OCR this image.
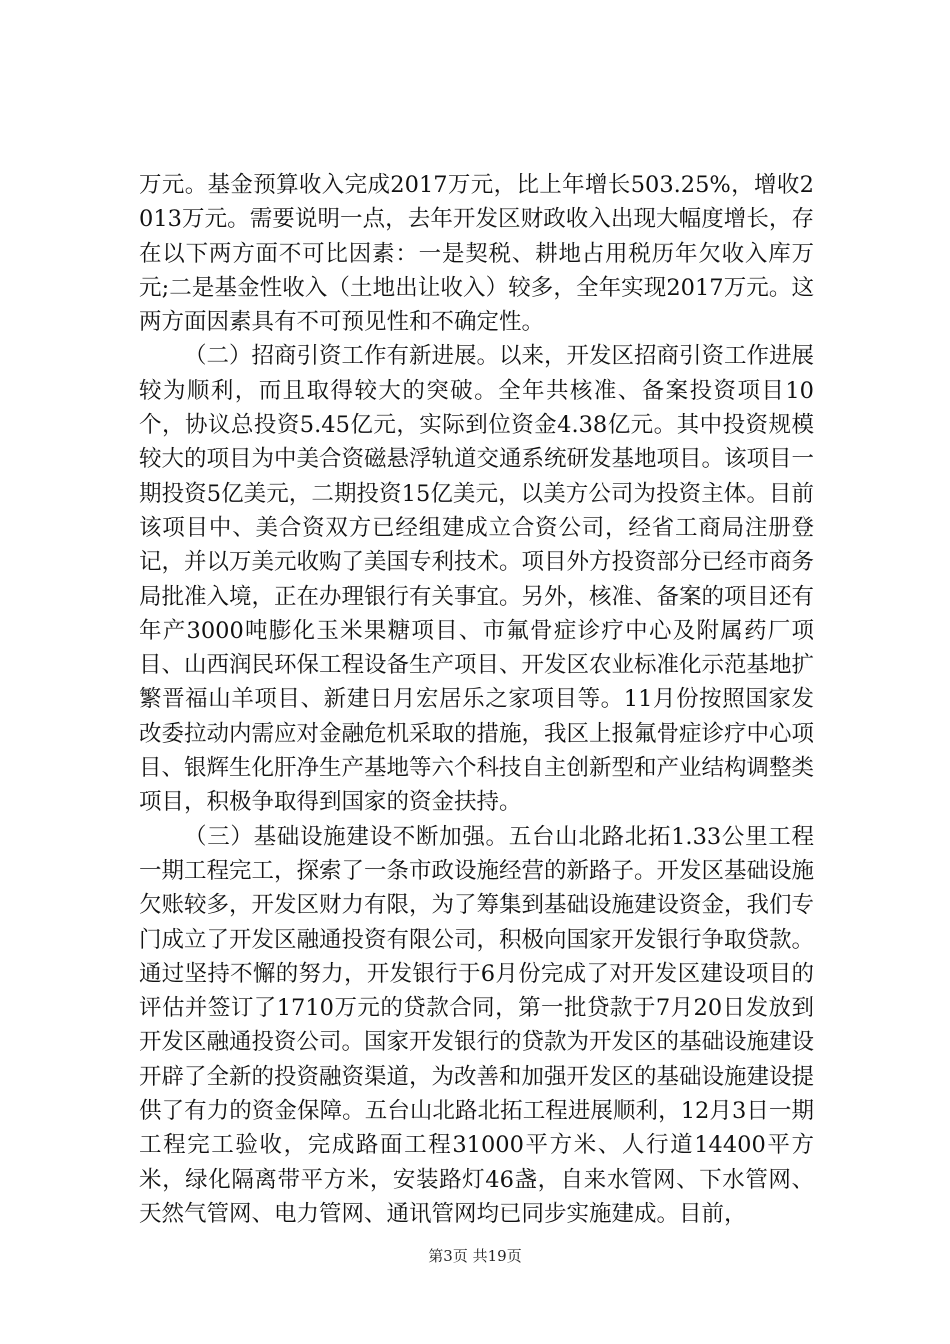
万元。基金预算收入完成2017万元，比上年增长503.25%，增收2013万元。需要说明一点，去年开发区财政收入出现大幅度增长，存在以下两方面不可比因素：一是契税、耕地占用税历年欠收入库万元;二是基金性收入（土地出让收入）较多，全年实现2017万元。这两方面因素具有不可预见性和不确定性。

（二）招商引资工作有新进展。以来，开发区招商引资工作进展较为顺利，而且取得较大的突破。全年共核准、备案投资项目10个，协议总投资5.45亿元，实际到位资金4.38亿元。其中投资规模较大的项目为中美合资磁悬浮轨道交通系统研发基地项目。该项目一期投资5亿美元，二期投资15亿美元，以美方公司为投资主体。目前该项目中、美合资双方已经组建成立合资公司，经省工商局注册登记，并以万美元收购了美国专利技术。项目外方投资部分已经市商务局批准入境，正在办理银行有关事宜。另外，核准、备案的项目还有年产3000吨膨化玉米果糖项目、市氟骨症诊疗中心及附属药厂项目、山西润民环保工程设备生产项目、开发区农业标准化示范基地扩繁晋福山羊项目、新建日月宏居乐之家项目等。11月份按照国家发改委拉动内需应对金融危机采取的措施，我区上报氟骨症诊疗中心项目、银辉生化肝净生产基地等六个科技自主创新型和产业结构调整类项目，积极争取得到国家的资金扶持。

（三）基础设施建设不断加强。五台山北路北拓1.33公里工程一期工程完工，探索了一条市政设施经营的新路子。开发区基础设施欠账较多，开发区财力有限，为了筹集到基础设施建设资金，我们专门成立了开发区融通投资有限公司，积极向国家开发银行争取贷款。通过坚持不懈的努力，开发银行于6月份完成了对开发区建设项目的评估并签订了1710万元的贷款合同，第一批贷款于7月20日发放到开发区融通投资公司。国家开发银行的贷款为开发区的基础设施建设开辟了全新的投资融资渠道，为改善和加强开发区的基础设施建设提供了有力的资金保障。五台山北路北拓工程进展顺利，12月3日一期工程完工验收，完成路面工程31000平方米、人行道14400平方米，绿化隔离带平方米，安装路灯46盏，自来水管网、下水管网、天然气管网、电力管网、通讯管网均已同步实施建成。目前，

第3页 共19页
